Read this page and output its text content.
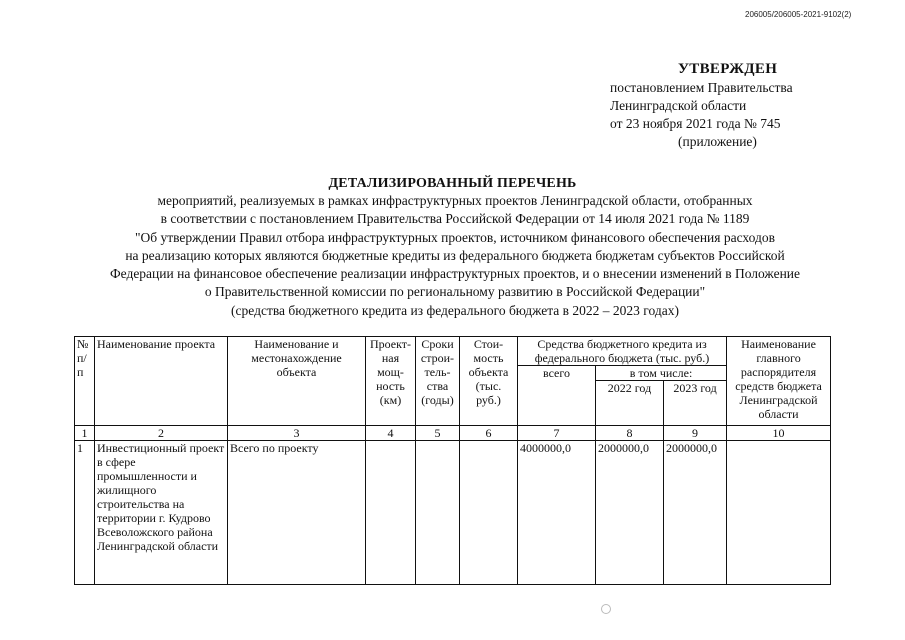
206005/206005-2021-9102(2)
УТВЕРЖДЕН
постановлением Правительства
Ленинградской области
от 23 ноября 2021 года № 745
(приложение)
ДЕТАЛИЗИРОВАННЫЙ ПЕРЕЧЕНЬ
мероприятий, реализуемых в рамках инфраструктурных проектов Ленинградской области, отобранных
в соответствии с постановлением Правительства Российской Федерации от 14 июля 2021 года № 1189
"Об утверждении Правил отбора инфраструктурных проектов, источником финансового обеспечения расходов
на реализацию которых являются бюджетные кредиты из федерального бюджета бюджетам субъектов Российской
Федерации на финансовое обеспечение реализации инфраструктурных проектов, и о внесении изменений в Положение
о Правительственной комиссии по региональному развитию в Российской Федерации"
(средства бюджетного кредита из федерального бюджета в 2022 – 2023 годах)
№ п/п	Наименование проекта	Наименование и местонахождение объекта	Проект-ная мощ-ность (км)	Сроки строи-тель-ства (годы)	Стои-мость объекта (тыс. руб.)	Средства бюджетного кредита из федерального бюджета (тыс. руб.)			Наименование главного распорядителя средств бюджета Ленинградской области
						всего	в том числе:		
							2022 год	2023 год	
1	2	3	4	5	6	7	8	9	10
1	Инвестиционный проект в сфере промышленности и жилищного строительства на территории г. Кудрово Всеволожского района Ленинградской области	Всего по проекту				4000000,0	2000000,0	2000000,0	
